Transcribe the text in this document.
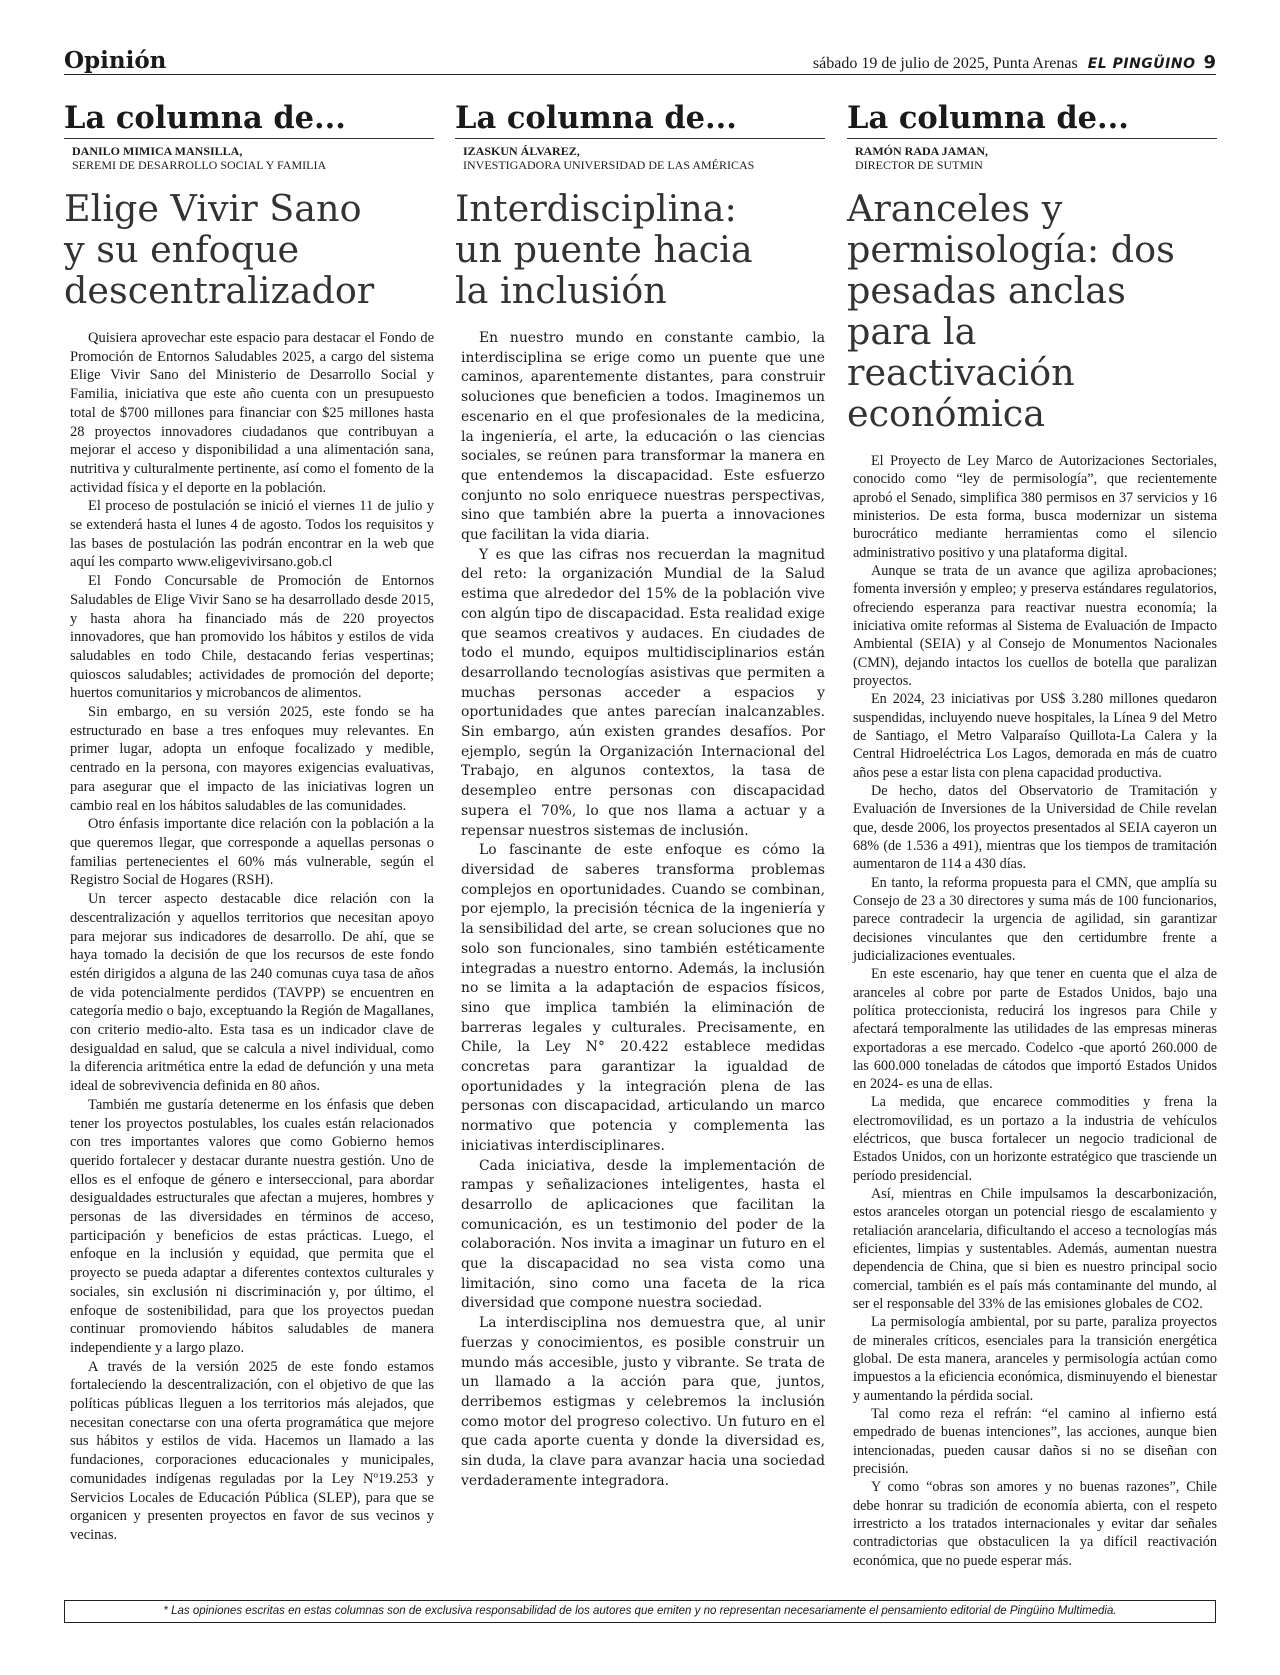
Opinión	sábado 19 de julio de 2025, Punta Arenas EL PINGÜINO 9
La columna de...
DANILO MIMICA MANSILLA,
SEREMI DE DESARROLLO SOCIAL Y FAMILIA
Elige Vivir Sano
y su enfoque
descentralizador

Quisiera aprovechar este espacio para destacar el Fondo de Promoción de Entornos Saludables 2025, a cargo del sistema Elige Vivir Sano del Ministerio de Desarrollo Social y Familia, iniciativa que este año cuenta con un presupuesto total de $700 millones para financiar con $25 millones hasta 28 proyectos innovadores ciudadanos que contribuyan a mejorar el acceso y disponibilidad a una alimentación sana, nutritiva y culturalmente pertinente, así como el fomento de la actividad física y el deporte en la población.

El proceso de postulación se inició el viernes 11 de julio y se extenderá hasta el lunes 4 de agosto. Todos los requisitos y las bases de postulación las podrán encontrar en la web que aquí les comparto www.eligevivirsano.gob.cl

El Fondo Concursable de Promoción de Entornos Saludables de Elige Vivir Sano se ha desarrollado desde 2015, y hasta ahora ha financiado más de 220 proyectos innovadores, que han promovido los hábitos y estilos de vida saludables en todo Chile, destacando ferias vespertinas; quioscos saludables; actividades de promoción del deporte; huertos comunitarios y microbancos de alimentos.

Sin embargo, en su versión 2025, este fondo se ha estructurado en base a tres enfoques muy relevantes. En primer lugar, adopta un enfoque focalizado y medible, centrado en la persona, con mayores exigencias evaluativas, para asegurar que el impacto de las iniciativas logren un cambio real en los hábitos saludables de las comunidades.

Otro énfasis importante dice relación con la población a la que queremos llegar, que corresponde a aquellas personas o familias pertenecientes el 60% más vulnerable, según el Registro Social de Hogares (RSH).

Un tercer aspecto destacable dice relación con la descentralización y aquellos territorios que necesitan apoyo para mejorar sus indicadores de desarrollo. De ahí, que se haya tomado la decisión de que los recursos de este fondo estén dirigidos a alguna de las 240 comunas cuya tasa de años de vida potencialmente perdidos (TAVPP) se encuentren en categoría medio o bajo, exceptuando la Región de Magallanes, con criterio medio-alto. Esta tasa es un indicador clave de desigualdad en salud, que se calcula a nivel individual, como la diferencia aritmética entre la edad de defunción y una meta ideal de sobrevivencia definida en 80 años.

También me gustaría detenerme en los énfasis que deben tener los proyectos postulables, los cuales están relacionados con tres importantes valores que como Gobierno hemos querido fortalecer y destacar durante nuestra gestión. Uno de ellos es el enfoque de género e interseccional, para abordar desigualdades estructurales que afectan a mujeres, hombres y personas de las diversidades en términos de acceso, participación y beneficios de estas prácticas. Luego, el enfoque en la inclusión y equidad, que permita que el proyecto se pueda adaptar a diferentes contextos culturales y sociales, sin exclusión ni discriminación y, por último, el enfoque de sostenibilidad, para que los proyectos puedan continuar promoviendo hábitos saludables de manera independiente y a largo plazo.

A través de la versión 2025 de este fondo estamos fortaleciendo la descentralización, con el objetivo de que las políticas públicas lleguen a los territorios más alejados, que necesitan conectarse con una oferta programática que mejore sus hábitos y estilos de vida. Hacemos un llamado a las fundaciones, corporaciones educacionales y municipales, comunidades indígenas reguladas por la Ley Nº19.253 y Servicios Locales de Educación Pública (SLEP), para que se organicen y presenten proyectos en favor de sus vecinos y vecinas.

La columna de...
IZASKUN ÁLVAREZ,
INVESTIGADORA UNIVERSIDAD DE LAS AMÉRICAS
Interdisciplina:
un puente hacia
la inclusión

En nuestro mundo en constante cambio, la interdisciplina se erige como un puente que une caminos, aparentemente distantes, para construir soluciones que beneficien a todos. Imaginemos un escenario en el que profesionales de la medicina, la ingeniería, el arte, la educación o las ciencias sociales, se reúnen para transformar la manera en que entendemos la discapacidad. Este esfuerzo conjunto no solo enriquece nuestras perspectivas, sino que también abre la puerta a innovaciones que facilitan la vida diaria.

Y es que las cifras nos recuerdan la magnitud del reto: la organización Mundial de la Salud estima que alrededor del 15% de la población vive con algún tipo de discapacidad. Esta realidad exige que seamos creativos y audaces. En ciudades de todo el mundo, equipos multidisciplinarios están desarrollando tecnologías asistivas que permiten a muchas personas acceder a espacios y oportunidades que antes parecían inalcanzables. Sin embargo, aún existen grandes desafíos. Por ejemplo, según la Organización Internacional del Trabajo, en algunos contextos, la tasa de desempleo entre personas con discapacidad supera el 70%, lo que nos llama a actuar y a repensar nuestros sistemas de inclusión.

Lo fascinante de este enfoque es cómo la diversidad de saberes transforma problemas complejos en oportunidades. Cuando se combinan, por ejemplo, la precisión técnica de la ingeniería y la sensibilidad del arte, se crean soluciones que no solo son funcionales, sino también estéticamente integradas a nuestro entorno. Además, la inclusión no se limita a la adaptación de espacios físicos, sino que implica también la eliminación de barreras legales y culturales. Precisamente, en Chile, la Ley N° 20.422 establece medidas concretas para garantizar la igualdad de oportunidades y la integración plena de las personas con discapacidad, articulando un marco normativo que potencia y complementa las iniciativas interdisciplinares.

Cada iniciativa, desde la implementación de rampas y señalizaciones inteligentes, hasta el desarrollo de aplicaciones que facilitan la comunicación, es un testimonio del poder de la colaboración. Nos invita a imaginar un futuro en el que la discapacidad no sea vista como una limitación, sino como una faceta de la rica diversidad que compone nuestra sociedad.

La interdisciplina nos demuestra que, al unir fuerzas y conocimientos, es posible construir un mundo más accesible, justo y vibrante. Se trata de un llamado a la acción para que, juntos, derribemos estigmas y celebremos la inclusión como motor del progreso colectivo. Un futuro en el que cada aporte cuenta y donde la diversidad es, sin duda, la clave para avanzar hacia una sociedad verdaderamente integradora.

La columna de...
RAMÓN RADA JAMAN,
DIRECTOR DE SUTMIN
Aranceles y
permisología: dos
pesadas anclas para la
reactivación económica

El Proyecto de Ley Marco de Autorizaciones Sectoriales, conocido como “ley de permisología”, que recientemente aprobó el Senado, simplifica 380 permisos en 37 servicios y 16 ministerios. De esta forma, busca modernizar un sistema burocrático mediante herramientas como el silencio administrativo positivo y una plataforma digital.

Aunque se trata de un avance que agiliza aprobaciones; fomenta inversión y empleo; y preserva estándares regulatorios, ofreciendo esperanza para reactivar nuestra economía; la iniciativa omite reformas al Sistema de Evaluación de Impacto Ambiental (SEIA) y al Consejo de Monumentos Nacionales (CMN), dejando intactos los cuellos de botella que paralizan proyectos.

En 2024, 23 iniciativas por US$ 3.280 millones quedaron suspendidas, incluyendo nueve hospitales, la Línea 9 del Metro de Santiago, el Metro Valparaíso Quillota-La Calera y la Central Hidroeléctrica Los Lagos, demorada en más de cuatro años pese a estar lista con plena capacidad productiva.

De hecho, datos del Observatorio de Tramitación y Evaluación de Inversiones de la Universidad de Chile revelan que, desde 2006, los proyectos presentados al SEIA cayeron un 68% (de 1.536 a 491), mientras que los tiempos de tramitación aumentaron de 114 a 430 días.

En tanto, la reforma propuesta para el CMN, que amplía su Consejo de 23 a 30 directores y suma más de 100 funcionarios, parece contradecir la urgencia de agilidad, sin garantizar decisiones vinculantes que den certidumbre frente a judicializaciones eventuales.

En este escenario, hay que tener en cuenta que el alza de aranceles al cobre por parte de Estados Unidos, bajo una política proteccionista, reducirá los ingresos para Chile y afectará temporalmente las utilidades de las empresas mineras exportadoras a ese mercado. Codelco -que aportó 260.000 de las 600.000 toneladas de cátodos que importó Estados Unidos en 2024- es una de ellas.

La medida, que encarece commodities y frena la electromovilidad, es un portazo a la industria de vehículos eléctricos, que busca fortalecer un negocio tradicional de Estados Unidos, con un horizonte estratégico que trasciende un período presidencial.

Así, mientras en Chile impulsamos la descarbonización, estos aranceles otorgan un potencial riesgo de escalamiento y retaliación arancelaria, dificultando el acceso a tecnologías más eficientes, limpias y sustentables. Además, aumentan nuestra dependencia de China, que si bien es nuestro principal socio comercial, también es el país más contaminante del mundo, al ser el responsable del 33% de las emisiones globales de CO2.

La permisología ambiental, por su parte, paraliza proyectos de minerales críticos, esenciales para la transición energética global. De esta manera, aranceles y permisología actúan como impuestos a la eficiencia económica, disminuyendo el bienestar y aumentando la pérdida social.

Tal como reza el refrán: “el camino al infierno está empedrado de buenas intenciones”, las acciones, aunque bien intencionadas, pueden causar daños si no se diseñan con precisión.

Y como “obras son amores y no buenas razones”, Chile debe honrar su tradición de economía abierta, con el respeto irrestricto a los tratados internacionales y evitar dar señales contradictorias que obstaculicen la ya difícil reactivación económica, que no puede esperar más.

* Las opiniones escritas en estas columnas son de exclusiva responsabilidad de los autores que emiten y no representan necesariamente el pensamiento editorial de Pingüino Multimedia.
